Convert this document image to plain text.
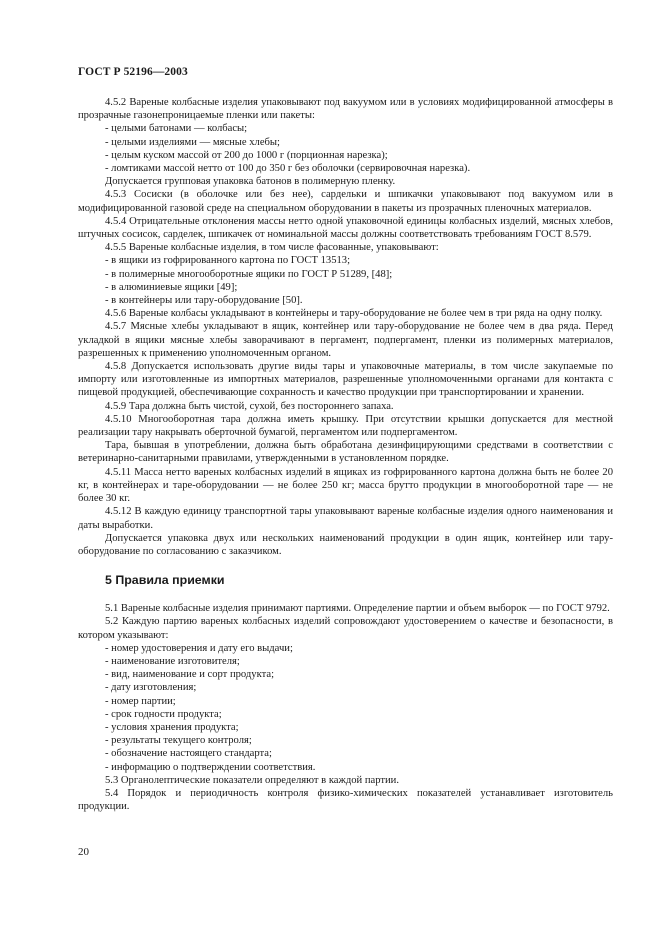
ГОСТ Р 52196—2003

4.5.2 Вареные колбасные изделия упаковывают под вакуумом или в условиях модифицированной атмосферы в прозрачные газонепроницаемые пленки или пакеты:

- целыми батонами — колбасы;

- целыми изделиями — мясные хлебы;

- целым куском массой от 200 до 1000 г (порционная нарезка);

- ломтиками массой нетто от 100 до 350 г без оболочки (сервировочная нарезка).

Допускается групповая упаковка батонов в полимерную пленку.

4.5.3 Сосиски (в оболочке или без нее), сардельки и шпикачки упаковывают под вакуумом или в модифицированной газовой среде на специальном оборудовании в пакеты из прозрачных пленочных материалов.

4.5.4 Отрицательные отклонения массы нетто одной упаковочной единицы колбасных изделий, мясных хлебов, штучных сосисок, сарделек, шпикачек от номинальной массы должны соответствовать требованиям ГОСТ 8.579.

4.5.5 Вареные колбасные изделия, в том числе фасованные, упаковывают:

- в ящики из гофрированного картона по ГОСТ 13513;

- в полимерные многооборотные ящики по ГОСТ Р 51289, [48];

- в алюминиевые ящики [49];

- в контейнеры или тару-оборудование [50].

4.5.6 Вареные колбасы укладывают в контейнеры и тару-оборудование не более чем в три ряда на одну полку.

4.5.7 Мясные хлебы укладывают в ящик, контейнер или тару-оборудование не более чем в два ряда. Перед укладкой в ящики мясные хлебы заворачивают в пергамент, подпергамент, пленки из полимерных материалов, разрешенных к применению уполномоченным органом.

4.5.8 Допускается использовать другие виды тары и упаковочные материалы, в том числе закупаемые по импорту или изготовленные из импортных материалов, разрешенные уполномоченными органами для контакта с пищевой продукцией, обеспечивающие сохранность и качество продукции при транспортировании и хранении.

4.5.9 Тара должна быть чистой, сухой, без постороннего запаха.

4.5.10 Многооборотная тара должна иметь крышку. При отсутствии крышки допускается для местной реализации тару накрывать оберточной бумагой, пергаментом или подпергаментом.

Тара, бывшая в употреблении, должна быть обработана дезинфицирующими средствами в соответствии с ветеринарно-санитарными правилами, утвержденными в установленном порядке.

4.5.11 Масса нетто вареных колбасных изделий в ящиках из гофрированного картона должна быть не более 20 кг, в контейнерах и таре-оборудовании — не более 250 кг; масса брутто продукции в многооборотной таре — не более 30 кг.

4.5.12 В каждую единицу транспортной тары упаковывают вареные колбасные изделия одного наименования и даты выработки.

Допускается упаковка двух или нескольких наименований продукции в один ящик, контейнер или тару-оборудование по согласованию с заказчиком.

5 Правила приемки

5.1 Вареные колбасные изделия принимают партиями. Определение партии и объем выборок — по ГОСТ 9792.

5.2 Каждую партию вареных колбасных изделий сопровождают удостоверением о качестве и безопасности, в котором указывают:

- номер удостоверения и дату его выдачи;

- наименование изготовителя;

- вид, наименование и сорт продукта;

- дату изготовления;

- номер партии;

- срок годности продукта;

- условия хранения продукта;

- результаты текущего контроля;

- обозначение настоящего стандарта;

- информацию о подтверждении соответствия.

5.3 Органолептические показатели определяют в каждой партии.

5.4 Порядок и периодичность контроля физико-химических показателей устанавливает изготовитель продукции.

20
